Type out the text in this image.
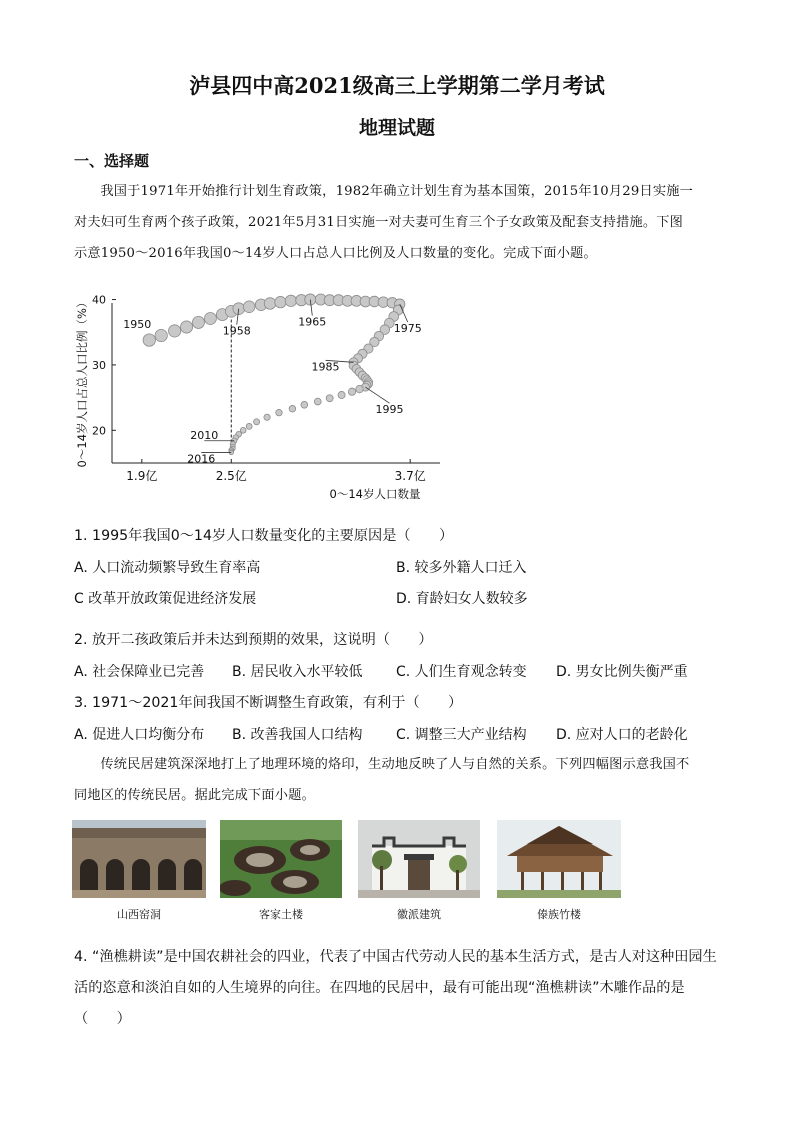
泸县四中高2021级高三上学期第二学月考试
地理试题
一、选择题
我国于1971年开始推行计划生育政策，1982年确立计划生育为基本国策，2015年10月29日实施一
对夫妇可生育两个孩子政策，2021年5月31日实施一对夫妻可生育三个子女政策及配套支持措施。下图
示意1950～2016年我国0～14岁人口占总人口比例及人口数量的变化。完成下面小题。
20
30
40
1.9亿	2.5亿	3.7亿
0～14岁人口数量
0～14岁人口占总人口比例（%）	1950
1958
1965
1975
1985
1995
2010
2016
1. 1995年我国0～14岁人口数量变化的主要原因是（　　）
A. 人口流动频繁导致生育率高	B. 较多外籍人口迁入
C 改革开放政策促进经济发展	D. 育龄妇女人数较多
2. 放开二孩政策后并未达到预期的效果，这说明（　　）
A. 社会保障业已完善 B. 居民收入水平较低 C. 人们生育观念转变 D. 男女比例失衡严重
3. 1971～2021年间我国不断调整生育政策，有利于（　　）
A. 促进人口均衡分布 B. 改善我国人口结构 C. 调整三大产业结构 D. 应对人口的老龄化
传统民居建筑深深地打上了地理环境的烙印，生动地反映了人与自然的关系。下列四幅图示意我国不
同地区的传统民居。据此完成下面小题。
山西窑洞	客家土楼	徽派建筑	傣族竹楼
4. “渔樵耕读”是中国农耕社会的四业，代表了中国古代劳动人民的基本生活方式，是古人对这种田园生
活的恣意和淡泊自如的人生境界的向往。在四地的民居中，最有可能出现“渔樵耕读”木雕作品的是
（　　）
